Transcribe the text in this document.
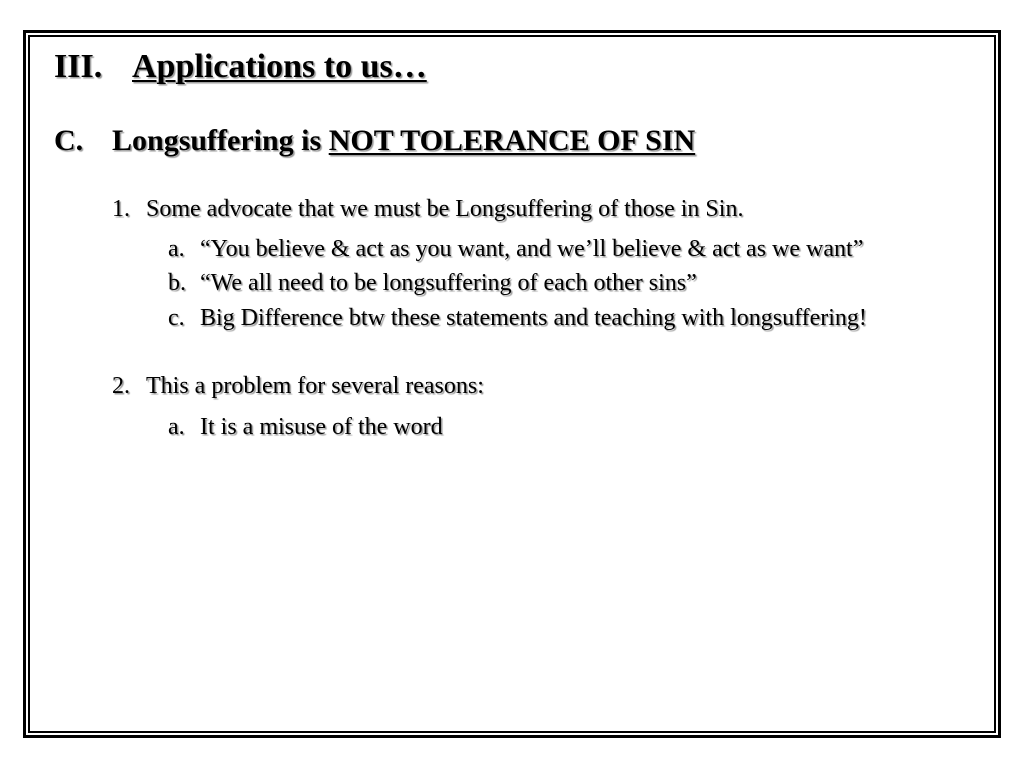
III. Applications to us…
C. Longsuffering is NOT TOLERANCE OF SIN
1. Some advocate that we must be Longsuffering of those in Sin.
a. “You believe & act as you want, and we’ll believe & act as we want”
b. “We all need to be longsuffering of each other sins”
c. Big Difference btw these statements and teaching with longsuffering!
2. This a problem for several reasons:
a. It is a misuse of the word
